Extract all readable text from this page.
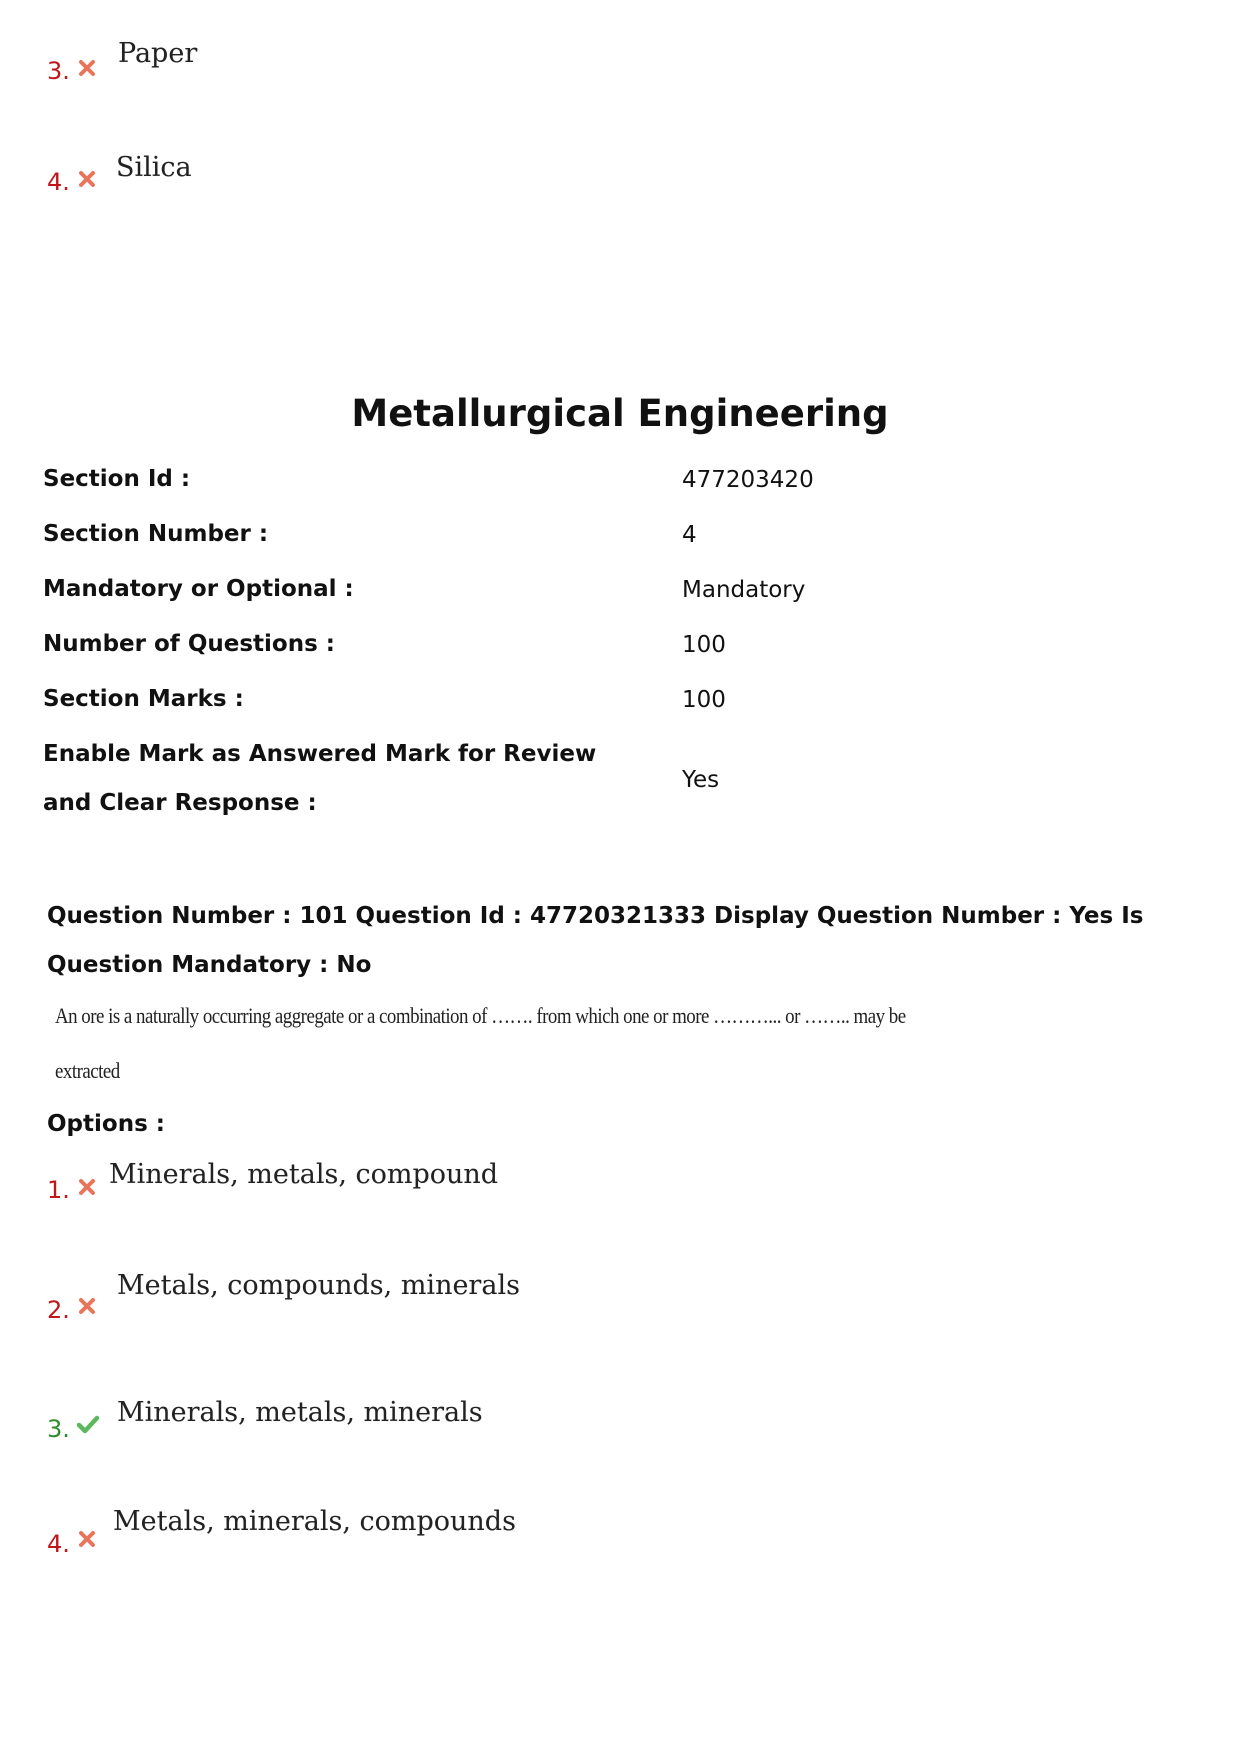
3.
Paper
4. Silica
Metallurgical Engineering
Section Id :	477203420
Section Number :	4
Mandatory or Optional :	Mandatory
Number of Questions :	100
Section Marks :	100
Enable Mark as Answered Mark for Review and Clear Response :
Yes
Question Number : 101 Question Id : 47720321333 Display Question Number : Yes Is Question Mandatory : No
An ore is a naturally occurring aggregate or a combination of ……. from which one or more ………... or …….. may be
extracted
Options :
1. Minerals, metals, compound
2.
Metals, compounds, minerals
3.
Minerals, metals, minerals
4.
Metals, minerals, compounds
